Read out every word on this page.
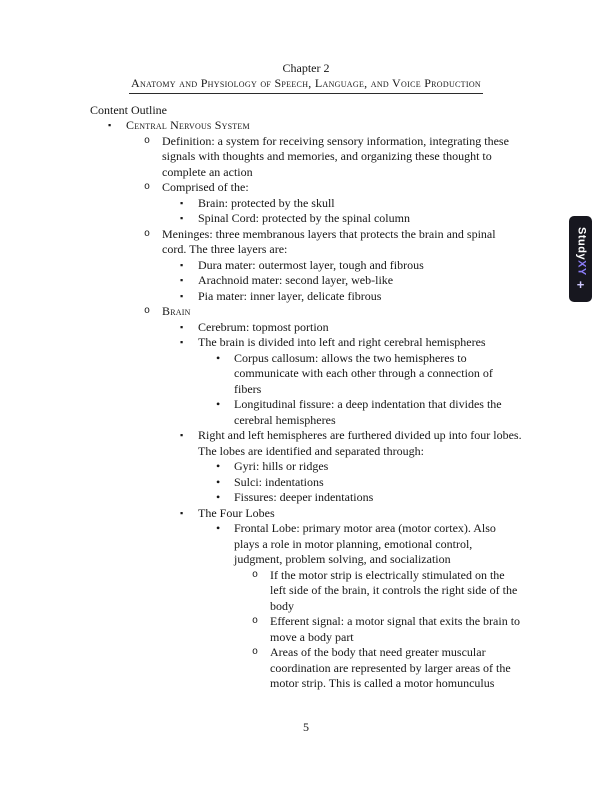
Chapter 2
Anatomy and Physiology of Speech, Language, and Voice Production
Content Outline
▪	Central Nervous System
o Definition: a system for receiving sensory information, integrating these signals with thoughts and memories, and organizing these thought to complete an action
o Comprised of the:
▪	Brain: protected by the skull
▪	Spinal Cord: protected by the spinal column
o Meninges: three membranous layers that protects the brain and spinal cord. The three layers are:
▪	Dura mater: outermost layer, tough and fibrous
▪	Arachnoid mater: second layer, web-like
▪	Pia mater: inner layer, delicate fibrous
o Brain
▪	Cerebrum: topmost portion
▪	The brain is divided into left and right cerebral hemispheres
•	Corpus callosum: allows the two hemispheres to communicate with each other through a connection of fibers
•	Longitudinal fissure: a deep indentation that divides the cerebral hemispheres
▪	Right and left hemispheres are furthered divided up into four lobes. The lobes are identified and separated through:
•	Gyri: hills or ridges
•	Sulci: indentations
•	Fissures: deeper indentations
▪	The Four Lobes
•	Frontal Lobe: primary motor area (motor cortex). Also plays a role in motor planning, emotional control, judgment, problem solving, and socialization
o If the motor strip is electrically stimulated on the left side of the brain, it controls the right side of the body
o Efferent signal: a motor signal that exits the brain to move a body part
o Areas of the body that need greater muscular coordination are represented by larger areas of the motor strip. This is called a motor homunculus
5
StudyXY
+
